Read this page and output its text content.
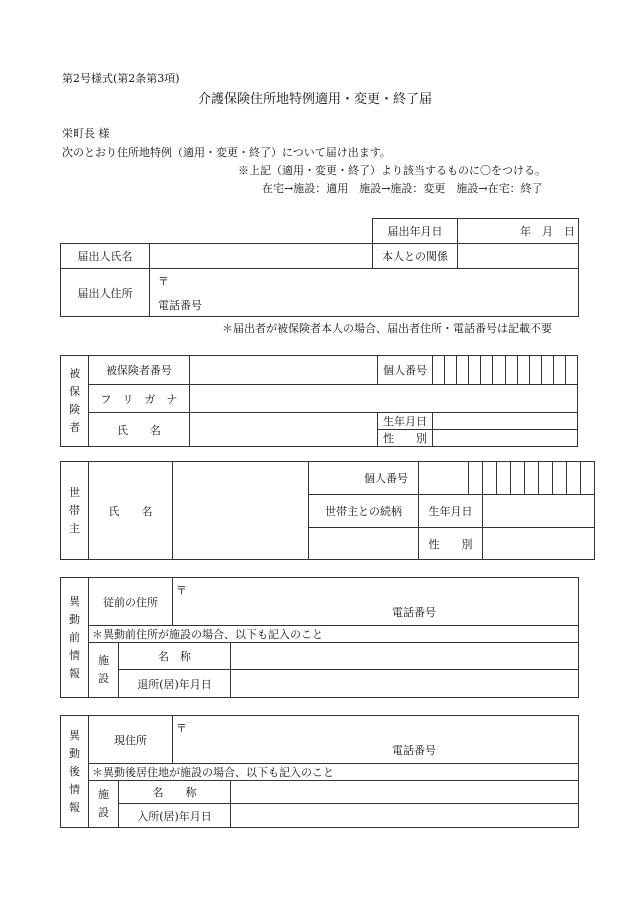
第2号様式(第2条第3項)
介護保険住所地特例適用・変更・終了届
栄町長 様
次のとおり住所地特例（適用・変更・終了）について届け出ます。
※上記（適用・変更・終了）より該当するものに〇をつける。
在宅→施設：適用　施設→施設：変更　施設→在宅：終了
		届出年月日	年　月　日
届出人氏名		本人との関係	
届出人住所	〒
電話番号		
＊届出者が被保険者本人の場合、届出者住所・電話番号は記載不要
被
保
険
者	被保険者番号		個人番号												
	フ　リ　ガ　ナ														
	氏　　名		生年月日												
			性　　別												
世
帯
主	氏　　名		個人番号										
			世帯主との続柄	生年月日									
				性　　別									
異
動
前
情
報	従前の住所		〒
電話番号	

	＊異動前住所が施設の場合、以下も記入のこと			

	施
設	名　称		
		退所(居)年月日		
異
動
後
情
報	現住所		〒
電話番号	

	＊異動後居住地が施設の場合、以下も記入のこと			

	施
設	名　　称		
		入所(居)年月日		
